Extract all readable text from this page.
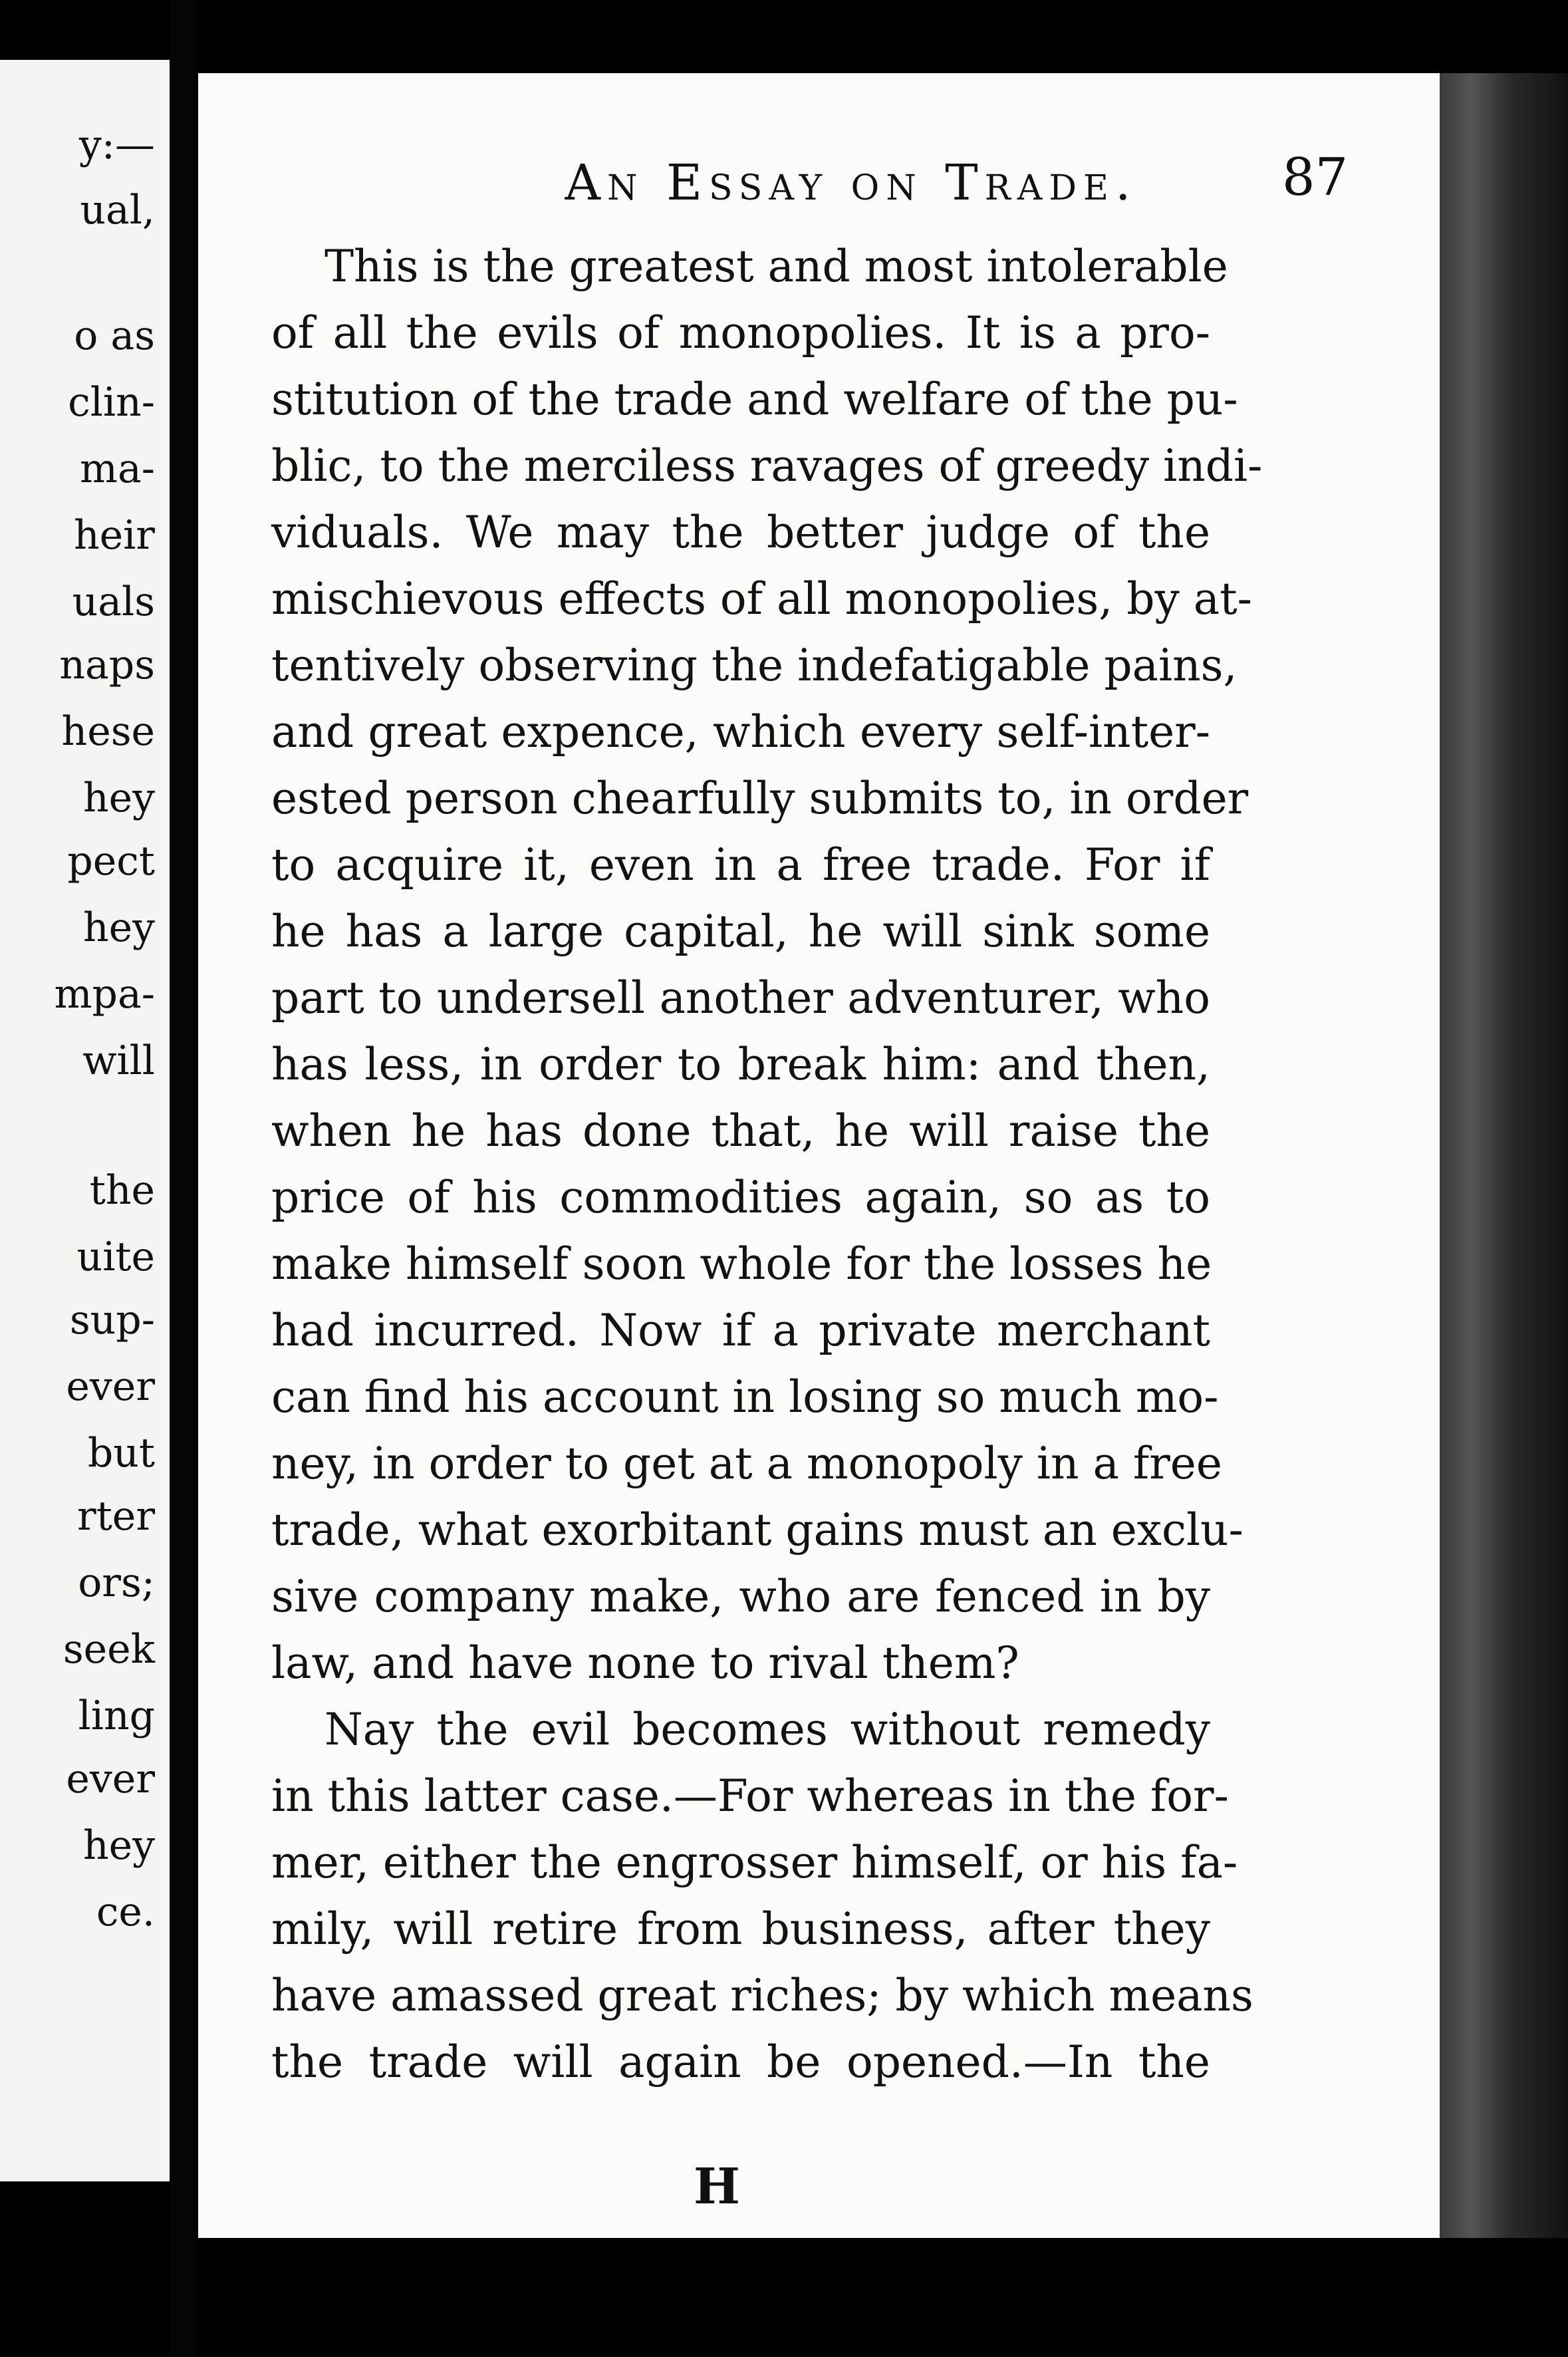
y:—
ual,
o as
clin-
ma-
heir
uals
naps
hese
hey
pect
hey
mpa-
will
the
uite
sup-
ever
but
rter
ors;
seek
ling
ever
hey
ce.
An Essay on Trade.	87
This is the greatest and most intolerable
of all the evils of monopolies. It is a pro-
stitution of the trade and welfare of the pu-
blic, to the merciless ravages of greedy indi-
viduals. We may the better judge of the
mischievous effects of all monopolies, by at-
tentively observing the indefatigable pains,
and great expence, which every self-inter-
ested person chearfully submits to, in order
to acquire it, even in a free trade. For if
he has a large capital, he will sink some
part to undersell another adventurer, who
has less, in order to break him: and then,
when he has done that, he will raise the
price of his commodities again, so as to
make himself soon whole for the losses he
had incurred. Now if a private merchant
can find his account in losing so much mo-
ney, in order to get at a monopoly in a free
trade, what exorbitant gains must an exclu-
sive company make, who are fenced in by
law, and have none to rival them?
Nay the evil becomes without remedy
in this latter case.—For whereas in the for-
mer, either the engrosser himself, or his fa-
mily, will retire from business, after they
have amassed great riches; by which means
the trade will again be opened.—In the
H
